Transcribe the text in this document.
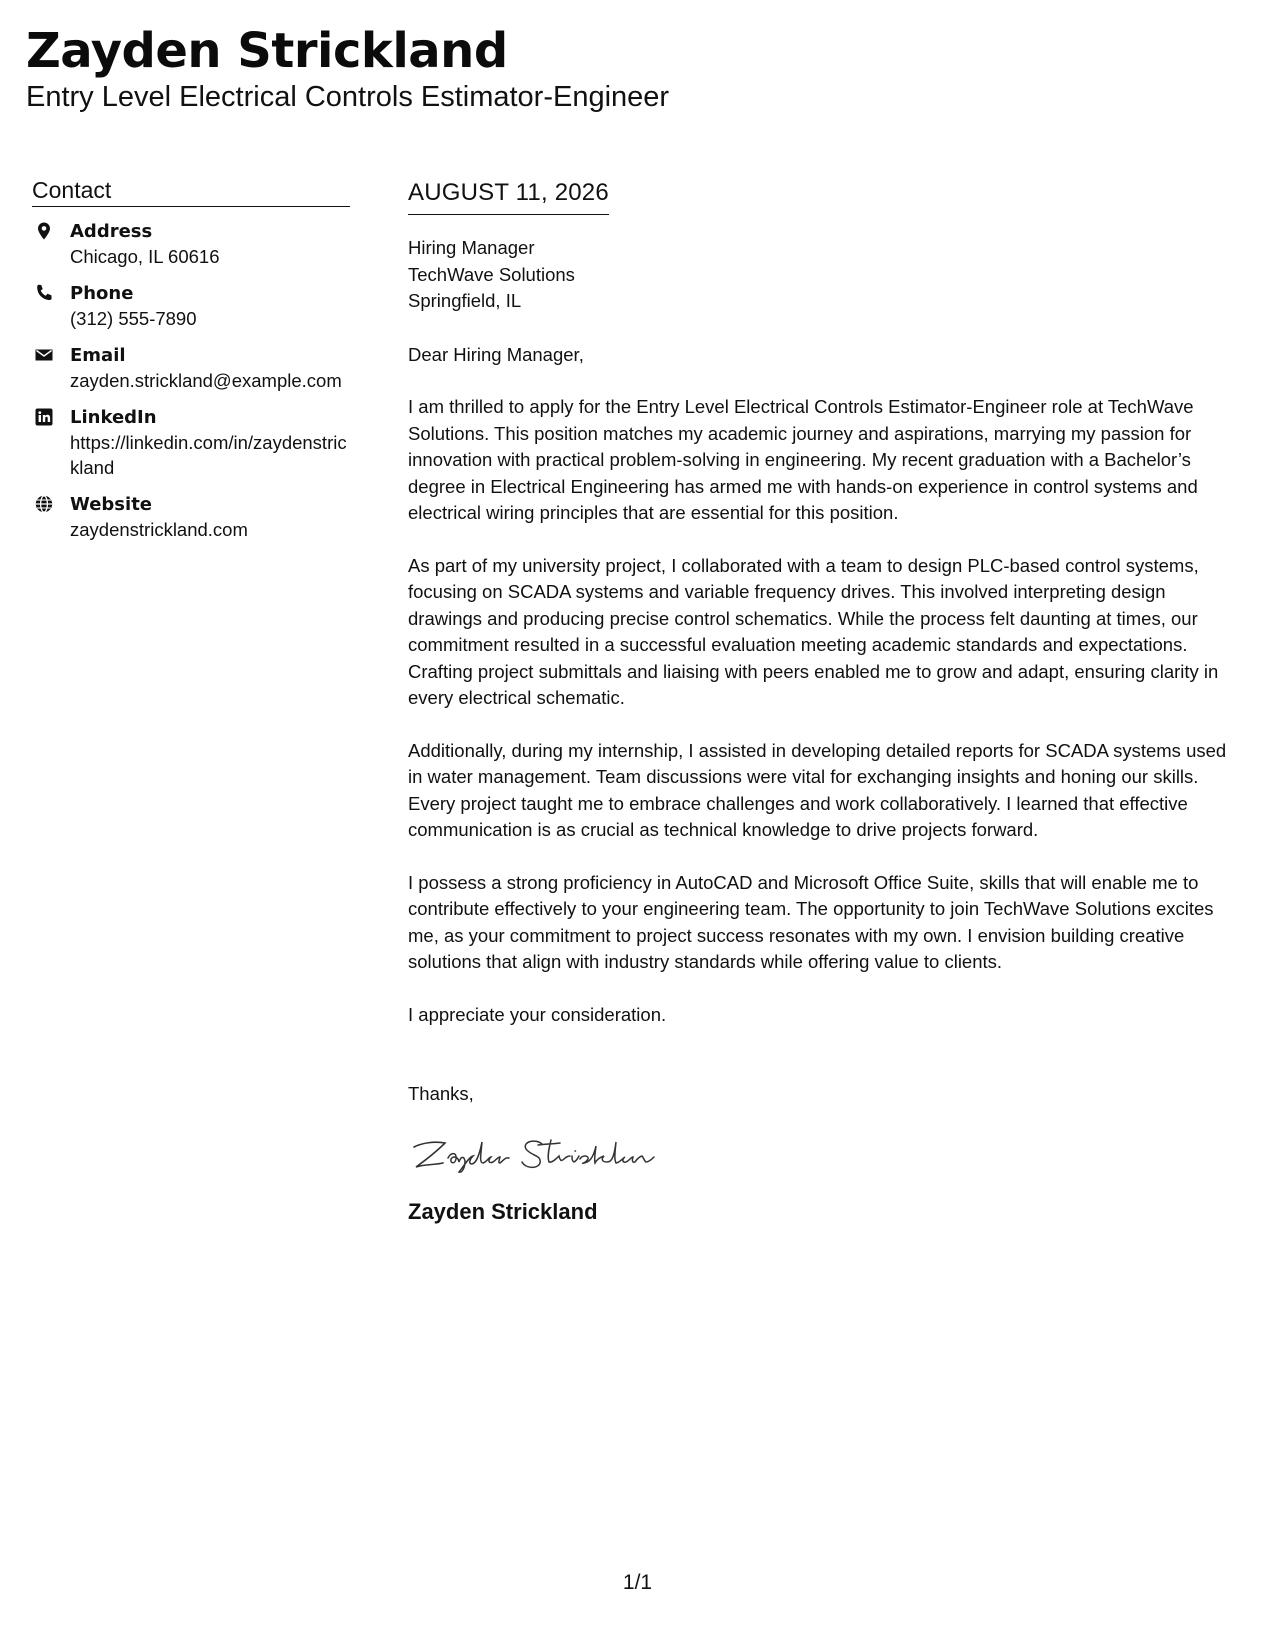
Zayden Strickland
Entry Level Electrical Controls Estimator-Engineer
Contact
Address
Chicago, IL 60616
Phone
(312) 555-7890
Email
zayden.strickland@example.com
LinkedIn
https://linkedin.com/in/zaydenstrickland
Website
zaydenstrickland.com
AUGUST 11, 2026
Hiring Manager
TechWave Solutions
Springfield, IL
Dear Hiring Manager,
I am thrilled to apply for the Entry Level Electrical Controls Estimator-Engineer role at TechWave Solutions. This position matches my academic journey and aspirations, marrying my passion for innovation with practical problem-solving in engineering. My recent graduation with a Bachelor’s degree in Electrical Engineering has armed me with hands-on experience in control systems and electrical wiring principles that are essential for this position.
As part of my university project, I collaborated with a team to design PLC-based control systems, focusing on SCADA systems and variable frequency drives. This involved interpreting design drawings and producing precise control schematics. While the process felt daunting at times, our commitment resulted in a successful evaluation meeting academic standards and expectations. Crafting project submittals and liaising with peers enabled me to grow and adapt, ensuring clarity in every electrical schematic.
Additionally, during my internship, I assisted in developing detailed reports for SCADA systems used in water management. Team discussions were vital for exchanging insights and honing our skills. Every project taught me to embrace challenges and work collaboratively. I learned that effective communication is as crucial as technical knowledge to drive projects forward.
I possess a strong proficiency in AutoCAD and Microsoft Office Suite, skills that will enable me to contribute effectively to your engineering team. The opportunity to join TechWave Solutions excites me, as your commitment to project success resonates with my own. I envision building creative solutions that align with industry standards while offering value to clients.
I appreciate your consideration.
Thanks,
Zayden Strickland
1/1
